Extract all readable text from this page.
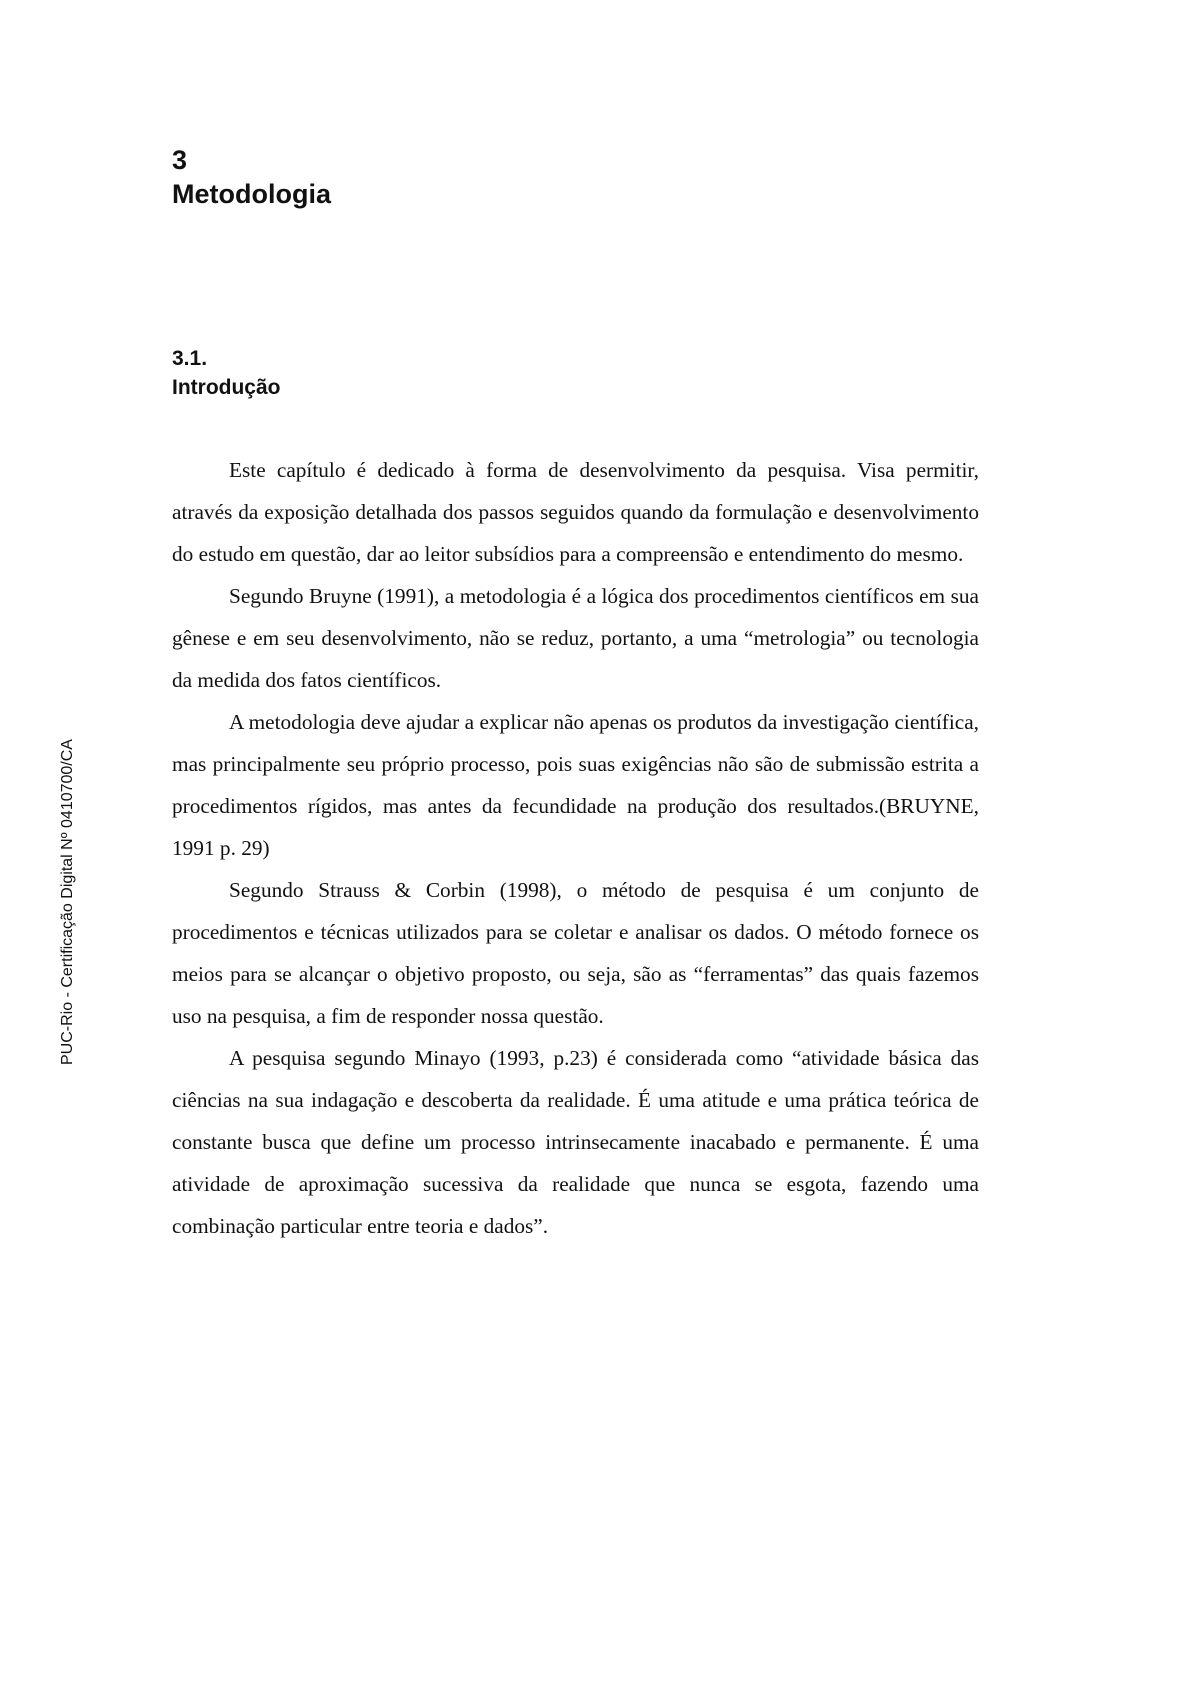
PUC-Rio - Certificação Digital Nº 0410700/CA
3
Metodologia
3.1.
Introdução

Este capítulo é dedicado à forma de desenvolvimento da pesquisa. Visa permitir, através da exposição detalhada dos passos seguidos quando da formulação e desenvolvimento do estudo em questão, dar ao leitor subsídios para a compreensão e entendimento do mesmo.

Segundo Bruyne (1991), a metodologia é a lógica dos procedimentos científicos em sua gênese e em seu desenvolvimento, não se reduz, portanto, a uma “metrologia” ou tecnologia da medida dos fatos científicos.

A metodologia deve ajudar a explicar não apenas os produtos da investigação científica, mas principalmente seu próprio processo, pois suas exigências não são de submissão estrita a procedimentos rígidos, mas antes da fecundidade na produção dos resultados.(BRUYNE, 1991 p. 29)

Segundo Strauss & Corbin (1998), o método de pesquisa é um conjunto de procedimentos e técnicas utilizados para se coletar e analisar os dados. O método fornece os meios para se alcançar o objetivo proposto, ou seja, são as “ferramentas” das quais fazemos uso na pesquisa, a fim de responder nossa questão.

A pesquisa segundo Minayo (1993, p.23) é considerada como “atividade básica das ciências na sua indagação e descoberta da realidade. É uma atitude e uma prática teórica de constante busca que define um processo intrinsecamente inacabado e permanente. É uma atividade de aproximação sucessiva da realidade que nunca se esgota, fazendo uma combinação particular entre teoria e dados”.
